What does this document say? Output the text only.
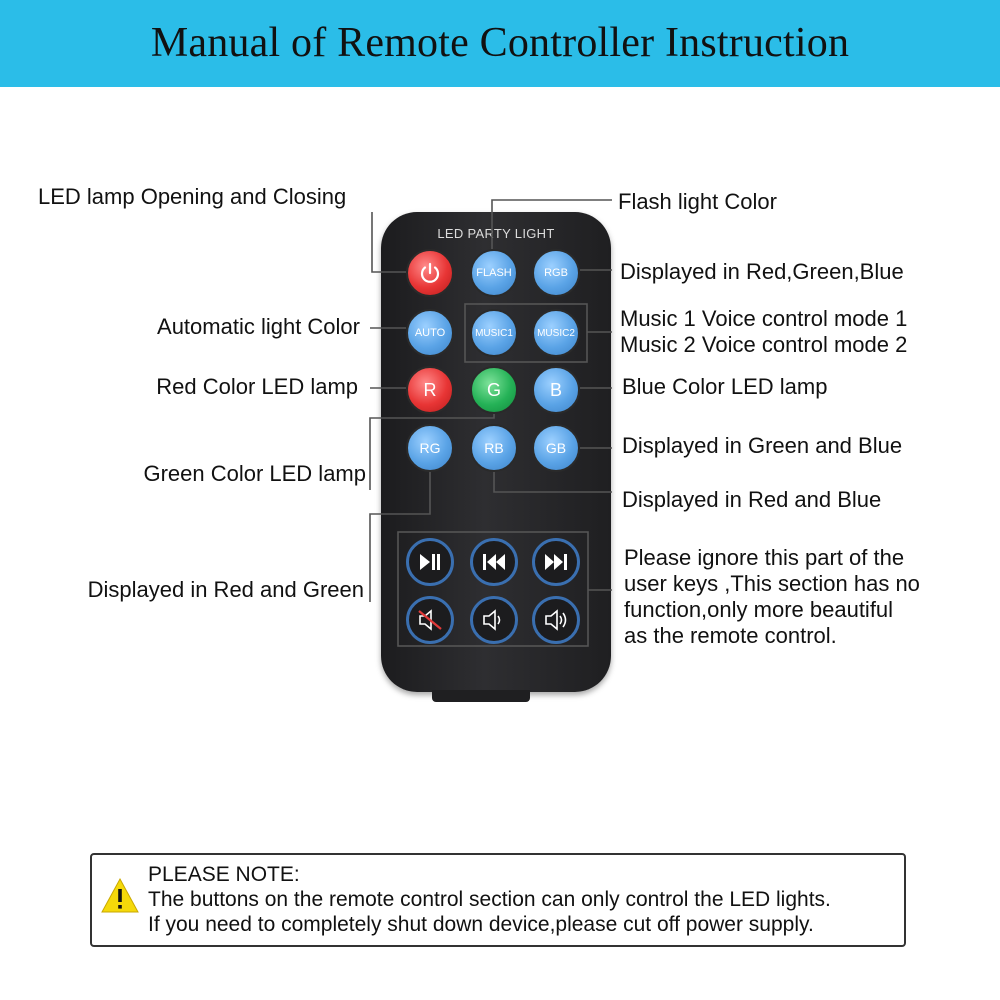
Manual of Remote Controller Instruction
LED PARTY LIGHT
FLASH	RGB
AUTO	MUSIC1	MUSIC2
R	G	B
RG	RB	GB
LED lamp Opening and Closing
Automatic light Color
Red Color LED lamp
Green Color LED lamp
Displayed in Red and Green
Flash light Color
Displayed in Red,Green,Blue
Music 1 Voice control mode 1
Music 2 Voice control mode 2
Blue Color LED lamp
Displayed in Green and Blue
Displayed in Red and Blue
Please ignore this part of the
user keys ,This section has no
function,only more beautiful
as the remote control.
PLEASE NOTE:
The buttons on the remote control section can only control the LED lights.
If you need to completely shut down device,please cut off power supply.
